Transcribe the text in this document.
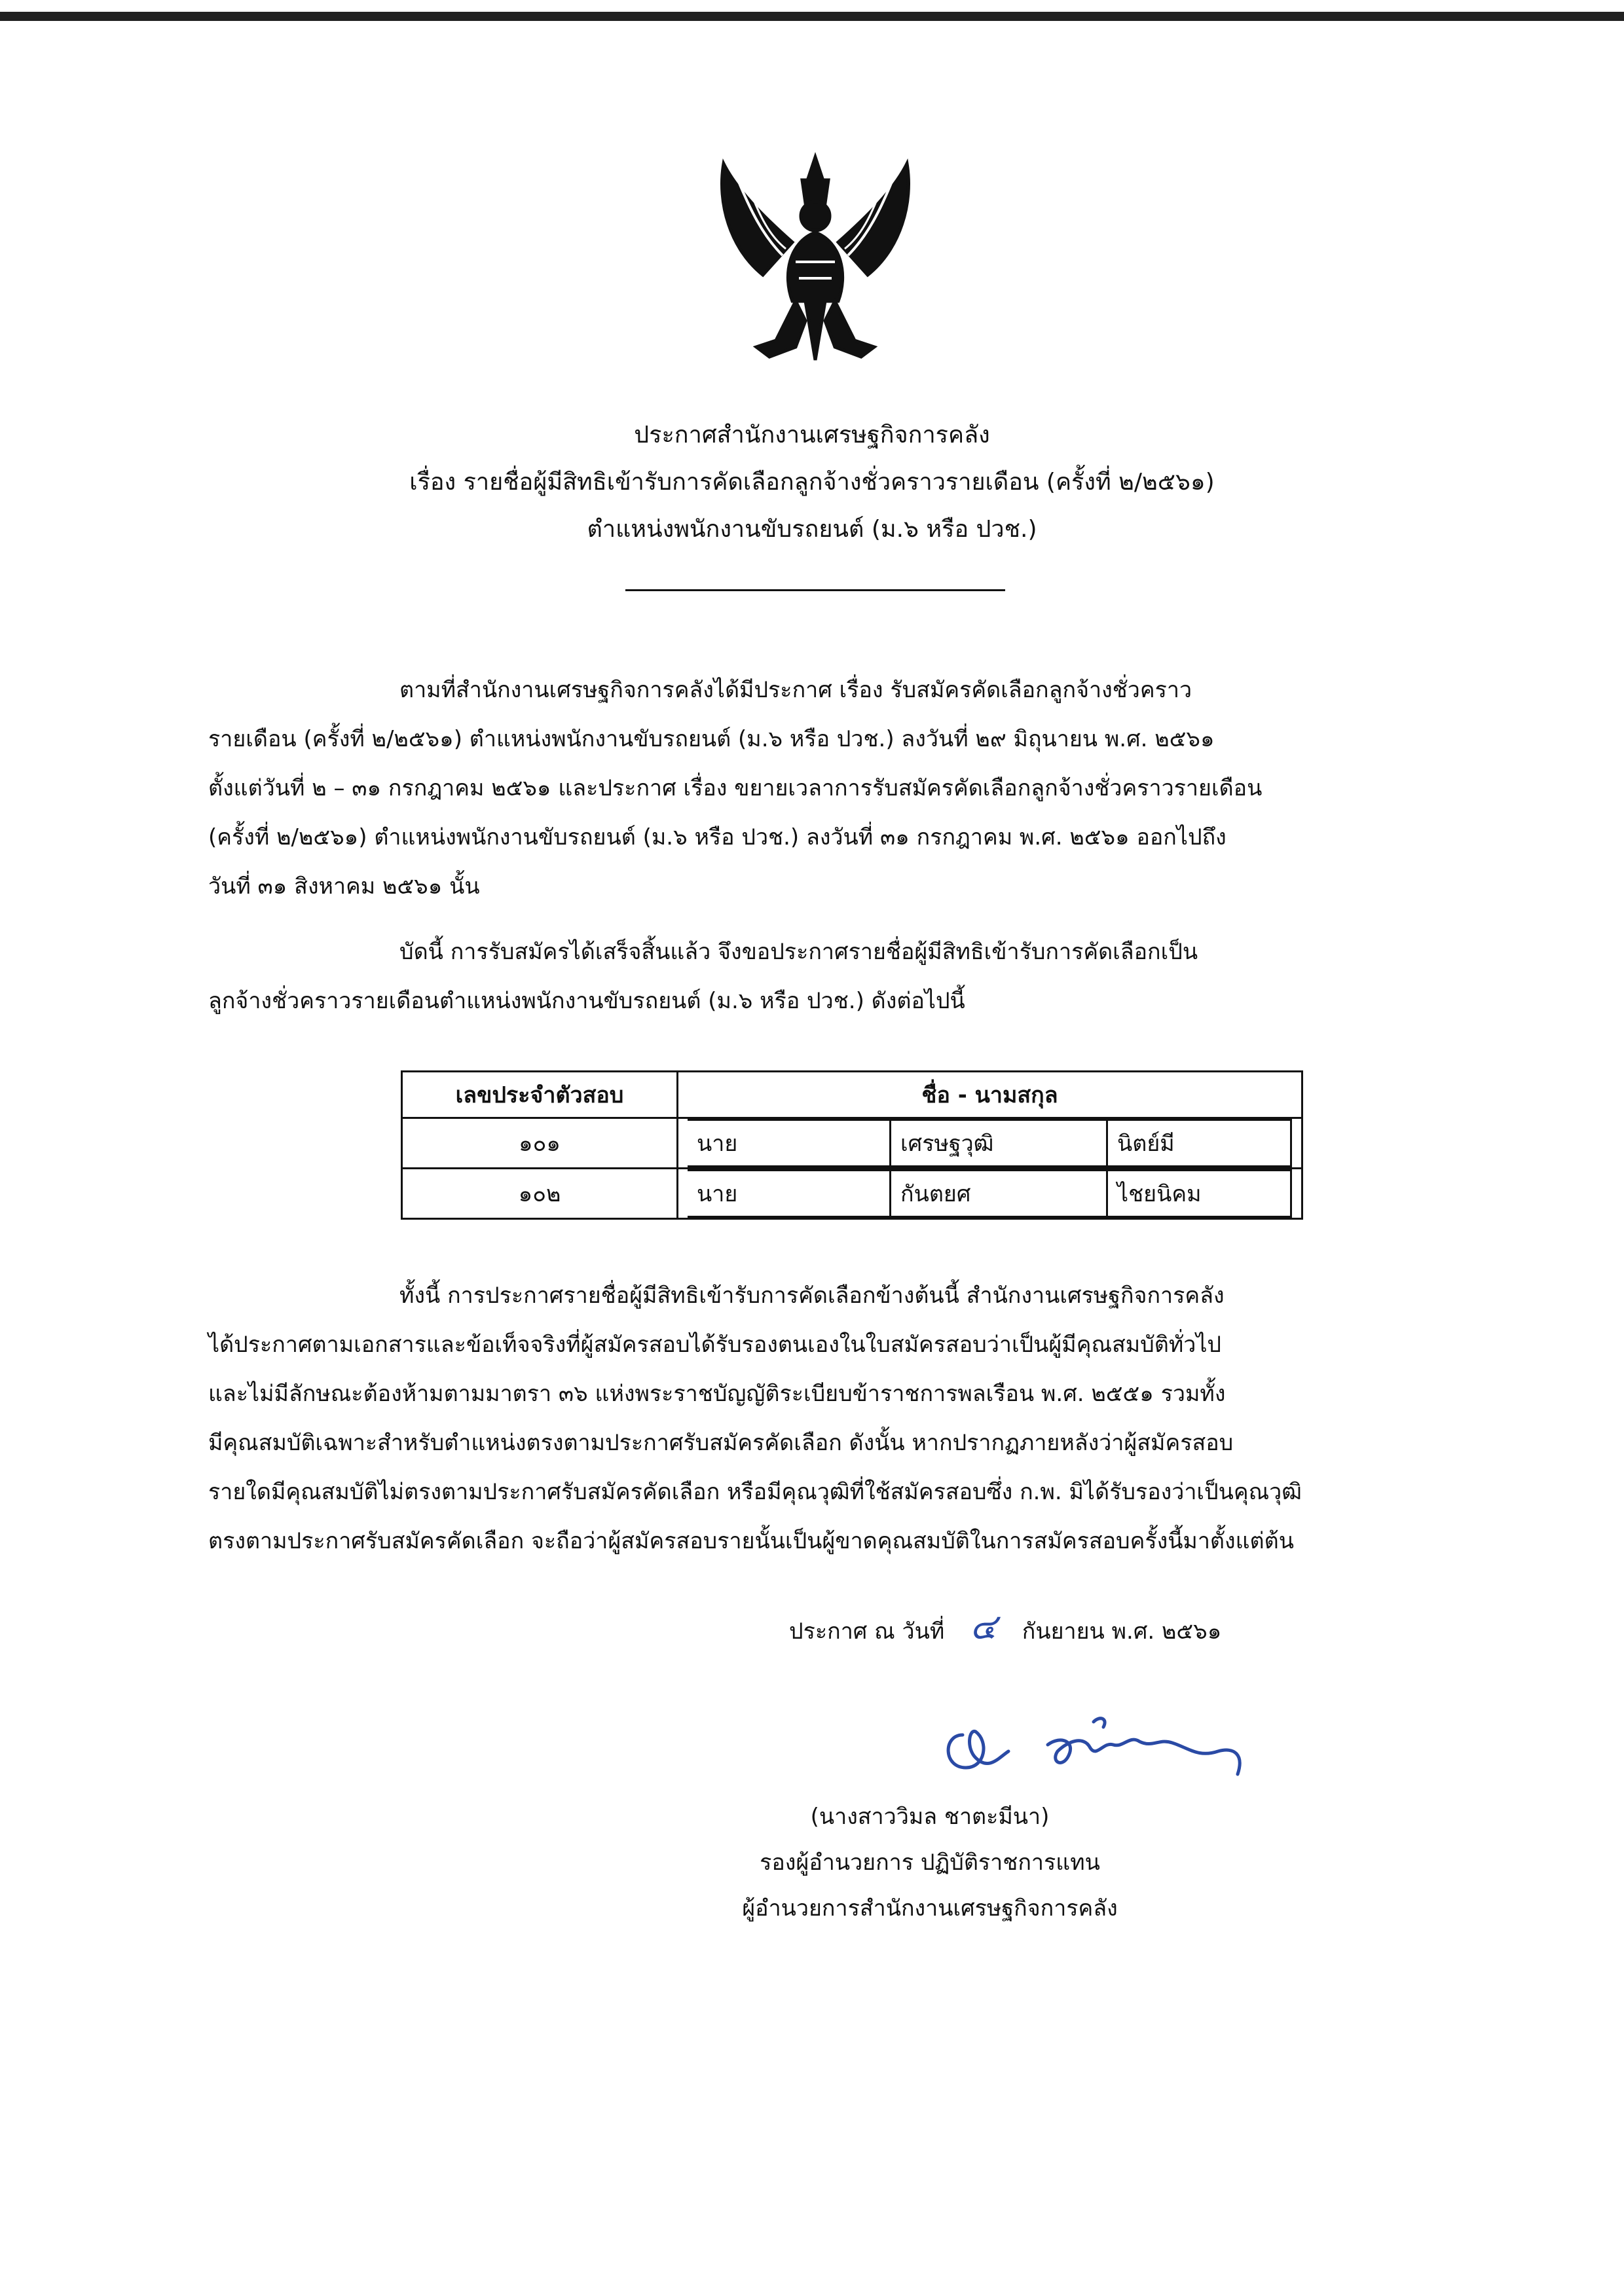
ประกาศสำนักงานเศรษฐกิจการคลัง
เรื่อง รายชื่อผู้มีสิทธิเข้ารับการคัดเลือกลูกจ้างชั่วคราวรายเดือน (ครั้งที่ ๒/๒๕๖๑)
ตำแหน่งพนักงานขับรถยนต์ (ม.๖ หรือ ปวช.)
ตามที่สำนักงานเศรษฐกิจการคลังได้มีประกาศ เรื่อง รับสมัครคัดเลือกลูกจ้างชั่วคราว
รายเดือน (ครั้งที่ ๒/๒๕๖๑) ตำแหน่งพนักงานขับรถยนต์ (ม.๖ หรือ ปวช.) ลงวันที่ ๒๙ มิถุนายน พ.ศ. ๒๕๖๑
ตั้งแต่วันที่ ๒ – ๓๑ กรกฎาคม ๒๕๖๑ และประกาศ เรื่อง ขยายเวลาการรับสมัครคัดเลือกลูกจ้างชั่วคราวรายเดือน
(ครั้งที่ ๒/๒๕๖๑) ตำแหน่งพนักงานขับรถยนต์ (ม.๖ หรือ ปวช.) ลงวันที่ ๓๑ กรกฎาคม พ.ศ. ๒๕๖๑ ออกไปถึง
วันที่ ๓๑ สิงหาคม ๒๕๖๑ นั้น
บัดนี้ การรับสมัครได้เสร็จสิ้นแล้ว จึงขอประกาศรายชื่อผู้มีสิทธิเข้ารับการคัดเลือกเป็น
ลูกจ้างชั่วคราวรายเดือนตำแหน่งพนักงานขับรถยนต์ (ม.๖ หรือ ปวช.) ดังต่อไปนี้
เลขประจำตัวสอบ	ชื่อ - นามสกุล
๑๐๑		นาย	เศรษฐวุฒิ	นิตย์มี

๑๐๒		นาย	กันตยศ	ไชยนิคม
ทั้งนี้ การประกาศรายชื่อผู้มีสิทธิเข้ารับการคัดเลือกข้างต้นนี้ สำนักงานเศรษฐกิจการคลัง
ได้ประกาศตามเอกสารและข้อเท็จจริงที่ผู้สมัครสอบได้รับรองตนเองในใบสมัครสอบว่าเป็นผู้มีคุณสมบัติทั่วไป
และไม่มีลักษณะต้องห้ามตามมาตรา ๓๖ แห่งพระราชบัญญัติระเบียบข้าราชการพลเรือน พ.ศ. ๒๕๕๑ รวมทั้ง
มีคุณสมบัติเฉพาะสำหรับตำแหน่งตรงตามประกาศรับสมัครคัดเลือก ดังนั้น หากปรากฏภายหลังว่าผู้สมัครสอบ
รายใดมีคุณสมบัติไม่ตรงตามประกาศรับสมัครคัดเลือก หรือมีคุณวุฒิที่ใช้สมัครสอบซึ่ง ก.พ. มิได้รับรองว่าเป็นคุณวุฒิ
ตรงตามประกาศรับสมัครคัดเลือก จะถือว่าผู้สมัครสอบรายนั้นเป็นผู้ขาดคุณสมบัติในการสมัครสอบครั้งนี้มาตั้งแต่ต้น
ประกาศ ณ วันที่ ๔ กันยายน พ.ศ. ๒๕๖๑
(นางสาววิมล ชาตะมีนา)
รองผู้อำนวยการ ปฏิบัติราชการแทน
ผู้อำนวยการสำนักงานเศรษฐกิจการคลัง
